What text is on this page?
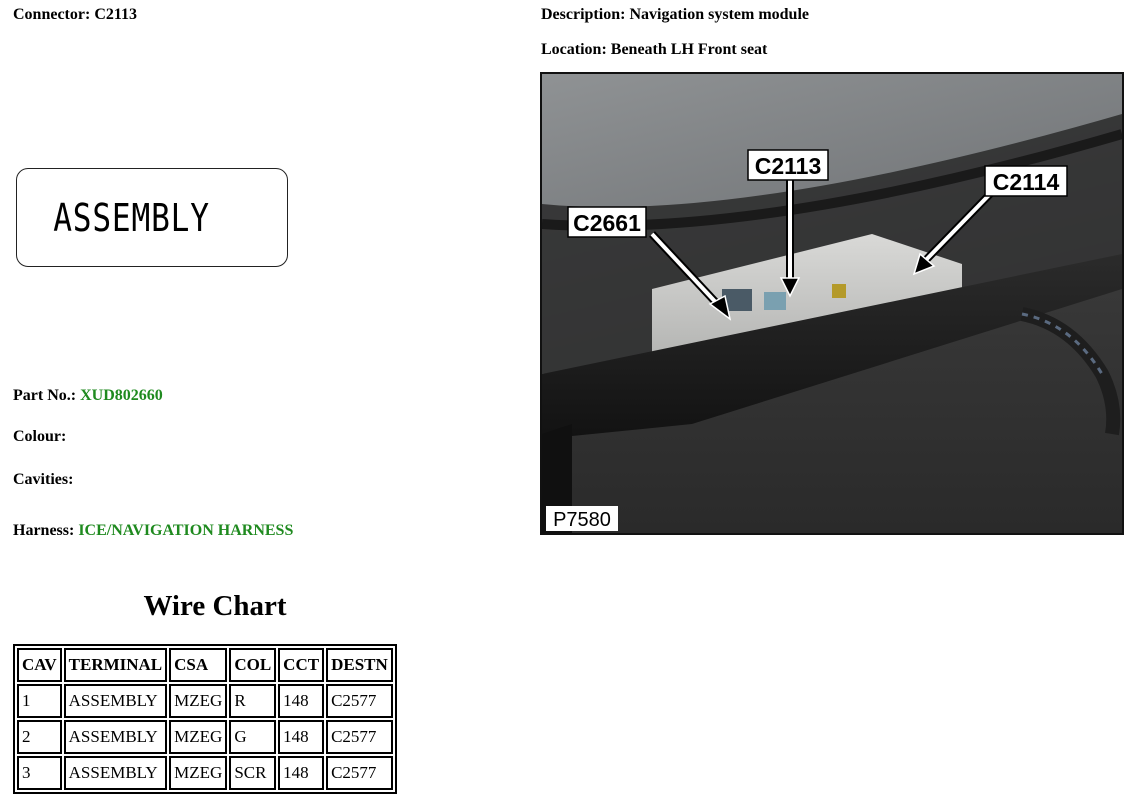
Connector: C2113	Description: Navigation system module
Location: Beneath LH Front seat
ASSEMBLY
Part No.: XUD802660
Colour:
Cavities:
Harness: ICE/NAVIGATION HARNESS
Wire Chart
CAV	TERMINAL	CSA	COL	CCT	DESTN
1	ASSEMBLY	MZEG	R	148	C2577
2	ASSEMBLY	MZEG	G	148	C2577
3	ASSEMBLY	MZEG	SCR	148	C2577
C2661
C2113
C2114
P7580
